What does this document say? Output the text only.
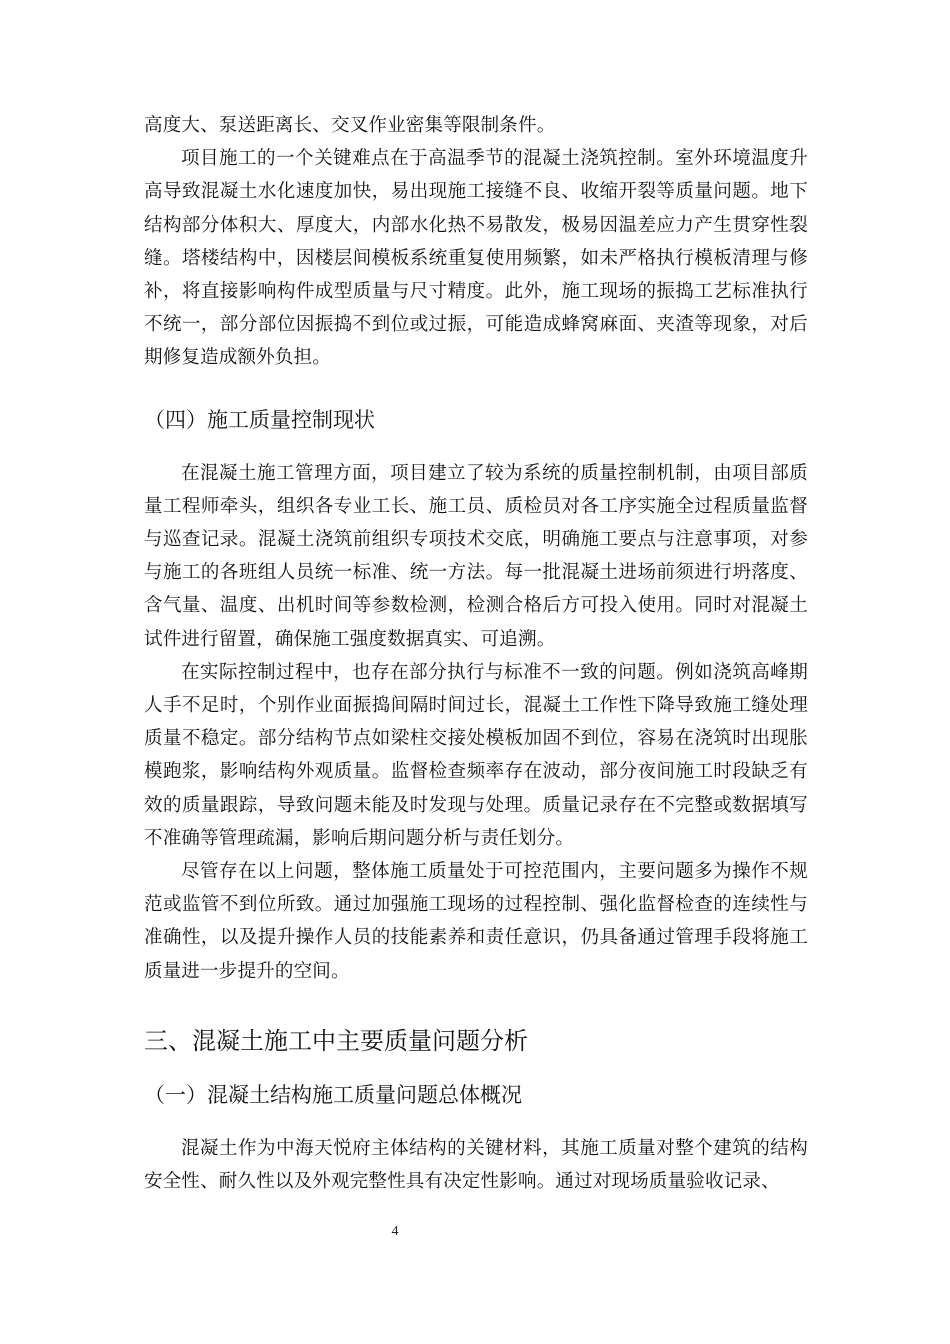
高度大、泵送距离长、交叉作业密集等限制条件。

项目施工的一个关键难点在于高温季节的混凝土浇筑控制。室外环境温度升高导致混凝土水化速度加快，易出现施工接缝不良、收缩开裂等质量问题。地下结构部分体积大、厚度大，内部水化热不易散发，极易因温差应力产生贯穿性裂缝。塔楼结构中，因楼层间模板系统重复使用频繁，如未严格执行模板清理与修补，将直接影响构件成型质量与尺寸精度。此外，施工现场的振捣工艺标准执行不统一，部分部位因振捣不到位或过振，可能造成蜂窝麻面、夹渣等现象，对后期修复造成额外负担。

（四）施工质量控制现状

在混凝土施工管理方面，项目建立了较为系统的质量控制机制，由项目部质量工程师牵头，组织各专业工长、施工员、质检员对各工序实施全过程质量监督与巡查记录。混凝土浇筑前组织专项技术交底，明确施工要点与注意事项，对参与施工的各班组人员统一标准、统一方法。每一批混凝土进场前须进行坍落度、含气量、温度、出机时间等参数检测，检测合格后方可投入使用。同时对混凝土试件进行留置，确保施工强度数据真实、可追溯。

在实际控制过程中，也存在部分执行与标准不一致的问题。例如浇筑高峰期人手不足时，个别作业面振捣间隔时间过长，混凝土工作性下降导致施工缝处理质量不稳定。部分结构节点如梁柱交接处模板加固不到位，容易在浇筑时出现胀模跑浆，影响结构外观质量。监督检查频率存在波动，部分夜间施工时段缺乏有效的质量跟踪，导致问题未能及时发现与处理。质量记录存在不完整或数据填写不准确等管理疏漏，影响后期问题分析与责任划分。

尽管存在以上问题，整体施工质量处于可控范围内，主要问题多为操作不规范或监管不到位所致。通过加强施工现场的过程控制、强化监督检查的连续性与准确性，以及提升操作人员的技能素养和责任意识，仍具备通过管理手段将施工质量进一步提升的空间。

三、混凝土施工中主要质量问题分析
（一）混凝土结构施工质量问题总体概况

混凝土作为中海天悦府主体结构的关键材料，其施工质量对整个建筑的结构安全性、耐久性以及外观完整性具有决定性影响。通过对现场质量验收记录、

4
